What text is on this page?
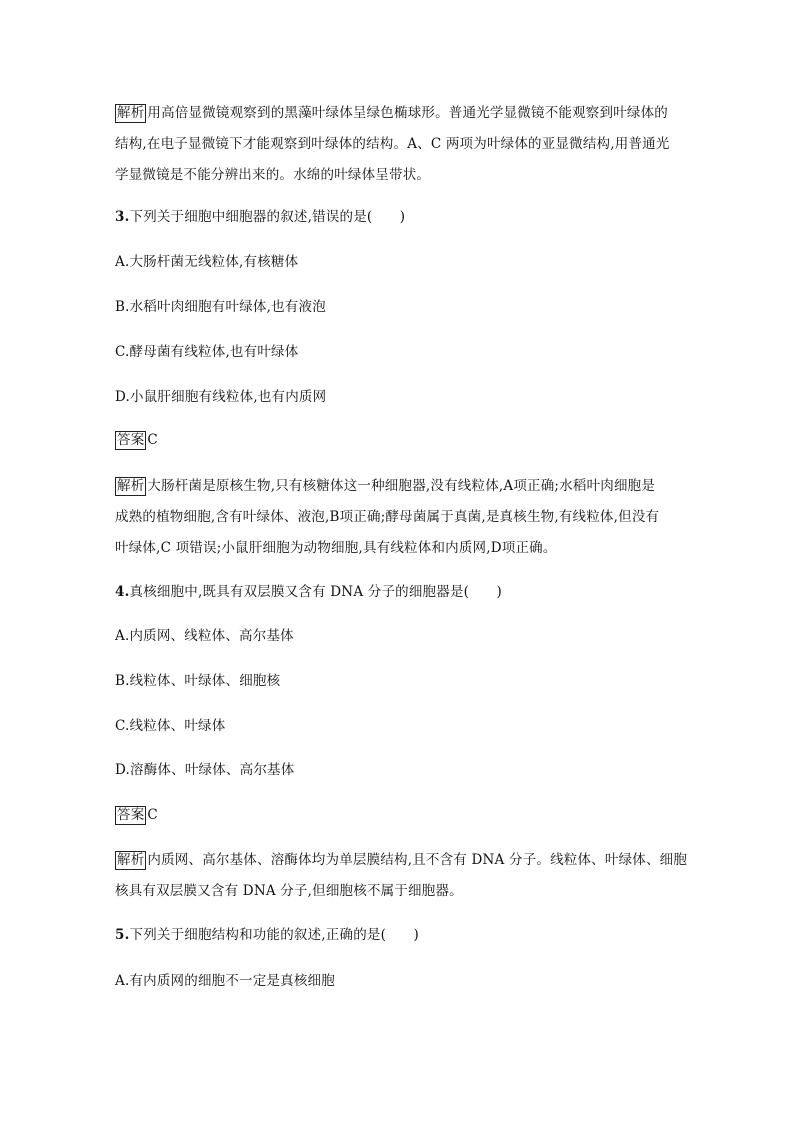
解析 用高倍显微镜观察到的黑藻叶绿体呈绿色椭球形。普通光学显微镜不能观察到叶绿体的
结构,在电子显微镜下才能观察到叶绿体的结构。A、C 两项为叶绿体的亚显微结构,用普通光
学显微镜是不能分辨出来的。水绵的叶绿体呈带状。
3.下列关于细胞中细胞器的叙述,错误的是(　　)
A.大肠杆菌无线粒体,有核糖体
B.水稻叶肉细胞有叶绿体,也有液泡
C.酵母菌有线粒体,也有叶绿体
D.小鼠肝细胞有线粒体,也有内质网
答案 C
解析 大肠杆菌是原核生物,只有核糖体这一种细胞器,没有线粒体,A项正确;水稻叶肉细胞是
成熟的植物细胞,含有叶绿体、液泡,B项正确;酵母菌属于真菌,是真核生物,有线粒体,但没有
叶绿体,C 项错误;小鼠肝细胞为动物细胞,具有线粒体和内质网,D项正确。
4.真核细胞中,既具有双层膜又含有 DNA 分子的细胞器是(　　)
A.内质网、线粒体、高尔基体
B.线粒体、叶绿体、细胞核
C.线粒体、叶绿体
D.溶酶体、叶绿体、高尔基体
答案 C
解析 内质网、高尔基体、溶酶体均为单层膜结构,且不含有 DNA 分子。线粒体、叶绿体、细胞
核具有双层膜又含有 DNA 分子,但细胞核不属于细胞器。
5.下列关于细胞结构和功能的叙述,正确的是(　　)
A.有内质网的细胞不一定是真核细胞
